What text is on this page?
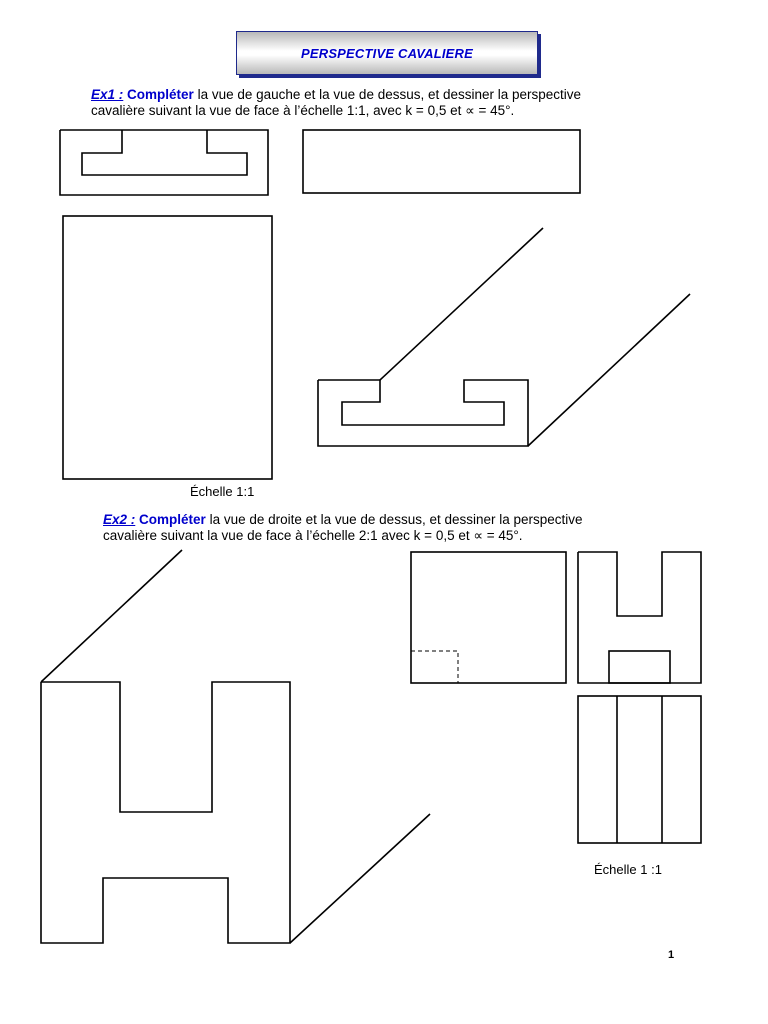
PERSPECTIVE CAVALIERE
Ex1 : Compléter la vue de gauche et la vue de dessus, et dessiner la perspective
cavalière suivant la vue de face à l’échelle 1:1, avec k = 0,5 et ∝ = 45°.
Ex2 : Compléter la vue de droite et la vue de dessus, et dessiner la perspective
cavalière suivant la vue de face à l’échelle 2:1 avec k = 0,5 et ∝ = 45°.
Échelle 1:1
Échelle 1 :1
1
